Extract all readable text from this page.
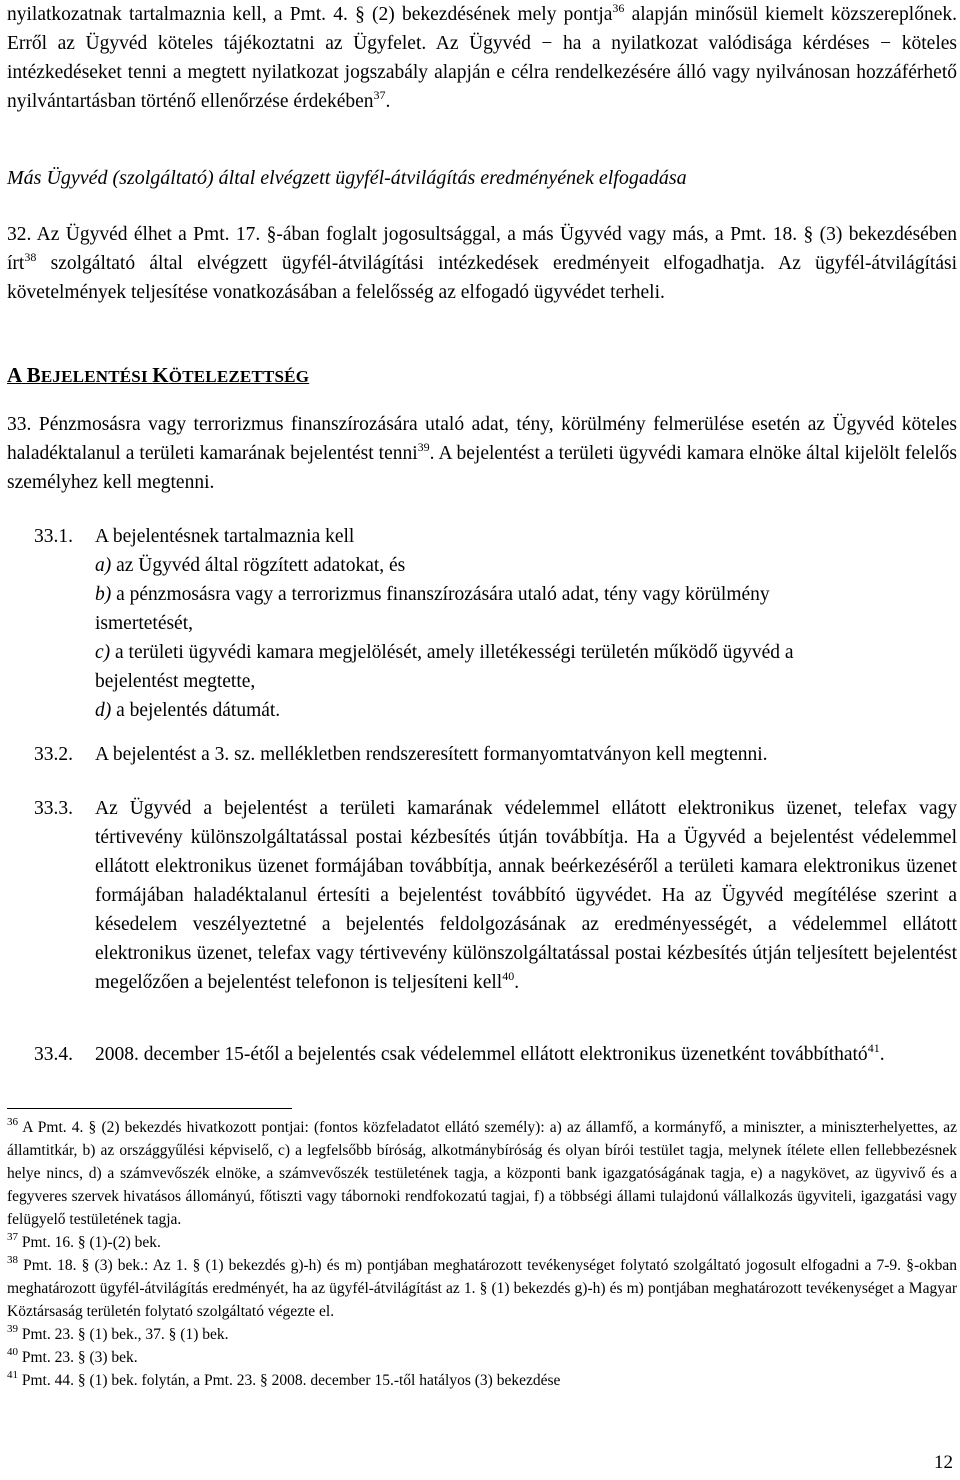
nyilatkozatnak tartalmaznia kell, a Pmt. 4. § (2) bekezdésének mely pontja$^{36}$ alapján minősül kiemelt közszereplőnek. Erről az Ügyvéd köteles tájékoztatni az Ügyfelet. Az Ügyvéd − ha a nyilatkozat valódisága kérdéses − köteles intézkedéseket tenni a megtett nyilatkozat jogszabály alapján e célra rendelkezésére álló vagy nyilvánosan hozzáférhető nyilvántartásban történő ellenőrzése érdekében$^{37}$.

Más Ügyvéd (szolgáltató) által elvégzett ügyfél-átvilágítás eredményének elfogadása

32. Az Ügyvéd élhet a Pmt. 17. §-ában foglalt jogosultsággal, a más Ügyvéd vagy más, a Pmt. 18. § (3) bekezdésében írt$^{38}$ szolgáltató által elvégzett ügyfél-átvilágítási intézkedések eredményeit elfogadhatja. Az ügyfél-átvilágítási követelmények teljesítése vonatkozásában a felelősség az elfogadó ügyvédet terheli.

A BEJELENTÉSI KÖTELEZETTSÉG

33. Pénzmosásra vagy terrorizmus finanszírozására utaló adat, tény, körülmény felmerülése esetén az Ügyvéd köteles haladéktalanul a területi kamarának bejelentést tenni$^{39}$. A bejelentést a területi ügyvédi kamara elnöke által kijelölt felelős személyhez kell megtenni.

33.1. A bejelentésnek tartalmaznia kell
a) az Ügyvéd által rögzített adatokat, és
b) a pénzmosásra vagy a terrorizmus finanszírozására utaló adat, tény vagy körülmény
ismertetését,
c) a területi ügyvédi kamara megjelölését, amely illetékességi területén működő ügyvéd a
bejelentést megtette,
d) a bejelentés dátumát.
33.2. A bejelentést a 3. sz. mellékletben rendszeresített formanyomtatványon kell megtenni.
33.3. Az Ügyvéd a bejelentést a területi kamarának védelemmel ellátott elektronikus üzenet, telefax vagy tértivevény különszolgáltatással postai kézbesítés útján továbbítja. Ha a Ügyvéd a bejelentést védelemmel ellátott elektronikus üzenet formájában továbbítja, annak beérkezéséről a területi kamara elektronikus üzenet formájában haladéktalanul értesíti a bejelentést továbbító ügyvédet. Ha az Ügyvéd megítélése szerint a késedelem veszélyeztetné a bejelentés feldolgozásának az eredményességét, a védelemmel ellátott elektronikus üzenet, telefax vagy tértivevény különszolgáltatással postai kézbesítés útján teljesített bejelentést megelőzően a bejelentést telefonon is teljesíteni kell$^{40}$.
33.4. 2008. december 15-étől a bejelentés csak védelemmel ellátott elektronikus üzenetként továbbítható$^{41}$.

$^{36}$ A Pmt. 4. § (2) bekezdés hivatkozott pontjai: (fontos közfeladatot ellátó személy): a) az államfő, a kormányfő, a miniszter, a miniszterhelyettes, az államtitkár, b) az országgyűlési képviselő, c) a legfelsőbb bíróság, alkotmánybíróság és olyan bírói testület tagja, melynek ítélete ellen fellebbezésnek helye nincs, d) a számvevőszék elnöke, a számvevőszék testületének tagja, a központi bank igazgatóságának tagja, e) a nagykövet, az ügyvivő és a fegyveres szervek hivatásos állományú, főtiszti vagy tábornoki rendfokozatú tagjai, f) a többségi állami tulajdonú vállalkozás ügyviteli, igazgatási vagy felügyelő testületének tagja.

$^{37}$ Pmt. 16. § (1)-(2) bek.

$^{38}$ Pmt. 18. § (3) bek.: Az 1. § (1) bekezdés g)-h) és m) pontjában meghatározott tevékenységet folytató szolgáltató jogosult elfogadni a 7-9. §-okban meghatározott ügyfél-átvilágítás eredményét, ha az ügyfél-átvilágítást az 1. § (1) bekezdés g)-h) és m) pontjában meghatározott tevékenységet a Magyar Köztársaság területén folytató szolgáltató végezte el.

$^{39}$ Pmt. 23. § (1) bek., 37. § (1) bek.

$^{40}$ Pmt. 23. § (3) bek.

$^{41}$ Pmt. 44. § (1) bek. folytán, a Pmt. 23. § 2008. december 15.-től hatályos (3) bekezdése

12
